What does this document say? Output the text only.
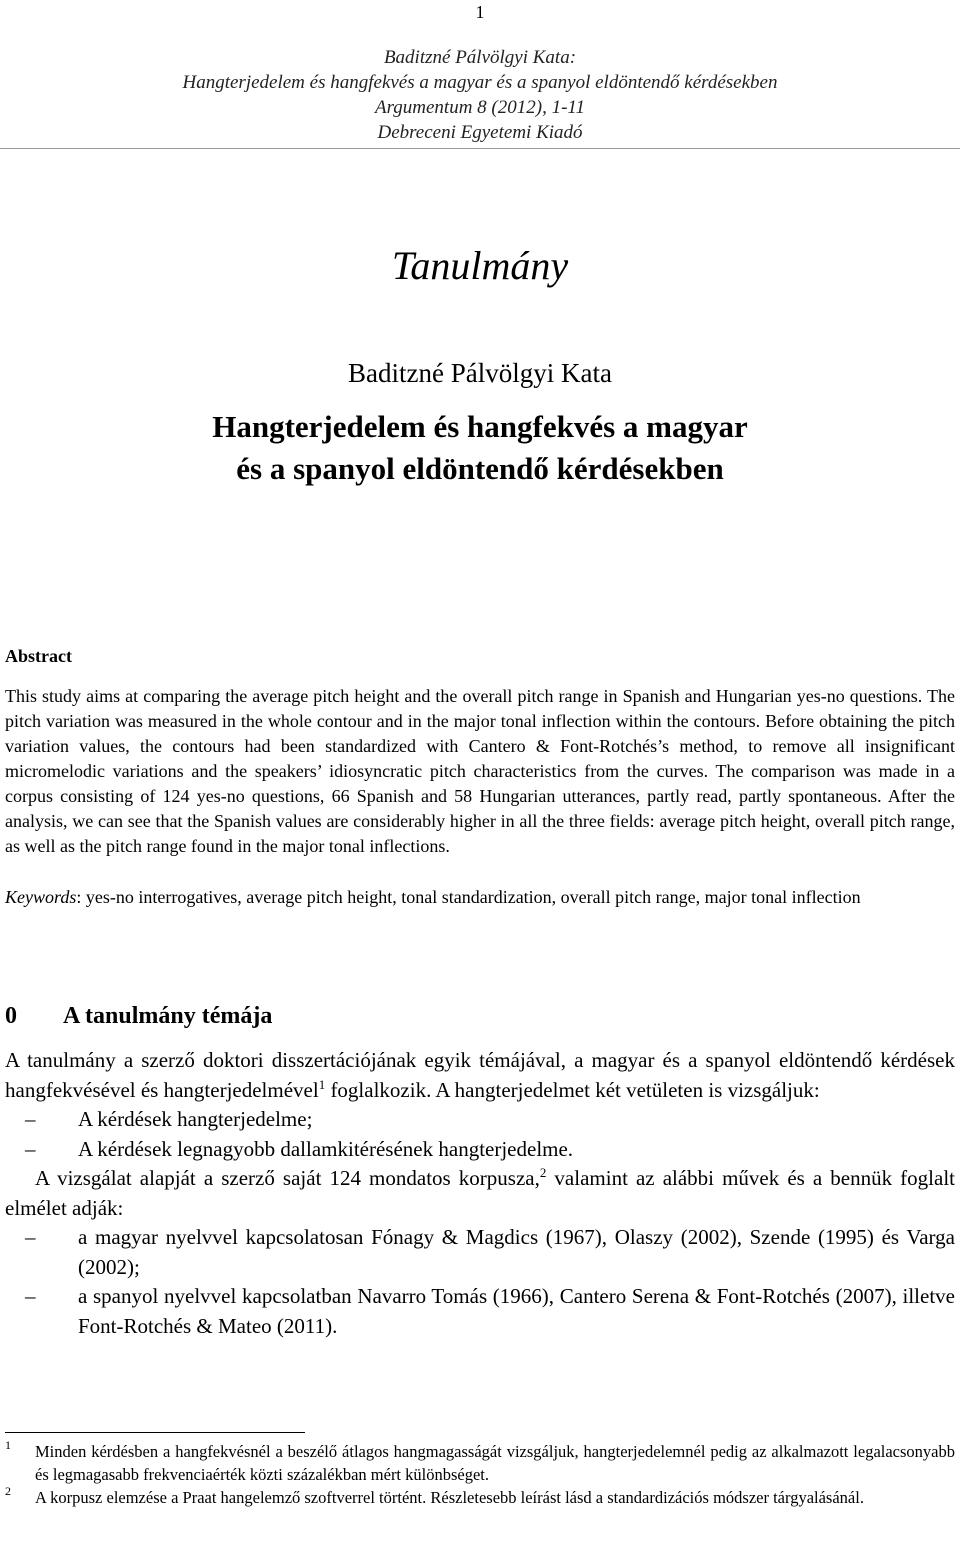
1
Baditzné Pálvölgyi Kata:
Hangterjedelem és hangfekvés a magyar és a spanyol eldöntendő kérdésekben
Argumentum 8 (2012), 1-11
Debreceni Egyetemi Kiadó
Tanulmány
Baditzné Pálvölgyi Kata
Hangterjedelem és hangfekvés a magyar
és a spanyol eldöntendő kérdésekben
Abstract
This study aims at comparing the average pitch height and the overall pitch range in Spanish and Hungarian yes-no questions. The pitch variation was measured in the whole contour and in the major tonal inflection within the contours. Before obtaining the pitch variation values, the contours had been standardized with Cantero & Font-Rotchés’s method, to remove all insignificant micromelodic variations and the speakers’ idiosyncratic pitch characteristics from the curves. The comparison was made in a corpus consisting of 124 yes-no questions, 66 Spanish and 58 Hungarian utterances, partly read, partly spontaneous. After the analysis, we can see that the Spanish values are considerably higher in all the three fields: average pitch height, overall pitch range, as well as the pitch range found in the major tonal inflections.
Keywords: yes-no interrogatives, average pitch height, tonal standardization, overall pitch range, major tonal inflection
0 A tanulmány témája

A tanulmány a szerző doktori disszertációjának egyik témájával, a magyar és a spanyol eldöntendő kérdések hangfekvésével és hangterjedelmével$^1$ foglalkozik. A hangterjedelmet két vetületen is vizsgáljuk:

– A kérdések hangterjedelme;
– A kérdések legnagyobb dallamkitérésének hangterjedelme.

A vizsgálat alapját a szerző saját 124 mondatos korpusza,$^2$ valamint az alábbi művek és a bennük foglalt elmélet adják:

– a magyar nyelvvel kapcsolatosan Fónagy & Magdics (1967), Olaszy (2002), Szende (1995) és Varga (2002);
– a spanyol nyelvvel kapcsolatban Navarro Tomás (1966), Cantero Serena & Font-Rotchés (2007), illetve Font-Rotchés & Mateo (2011).
1 Minden kérdésben a hangfekvésnél a beszélő átlagos hangmagasságát vizsgáljuk, hangterjedelemnél pedig az alkalmazott legalacsonyabb és legmagasabb frekvenciaérték közti százalékban mért különbséget.
2 A korpusz elemzése a Praat hangelemző szoftverrel történt. Részletesebb leírást lásd a standardizációs módszer tárgyalásánál.
